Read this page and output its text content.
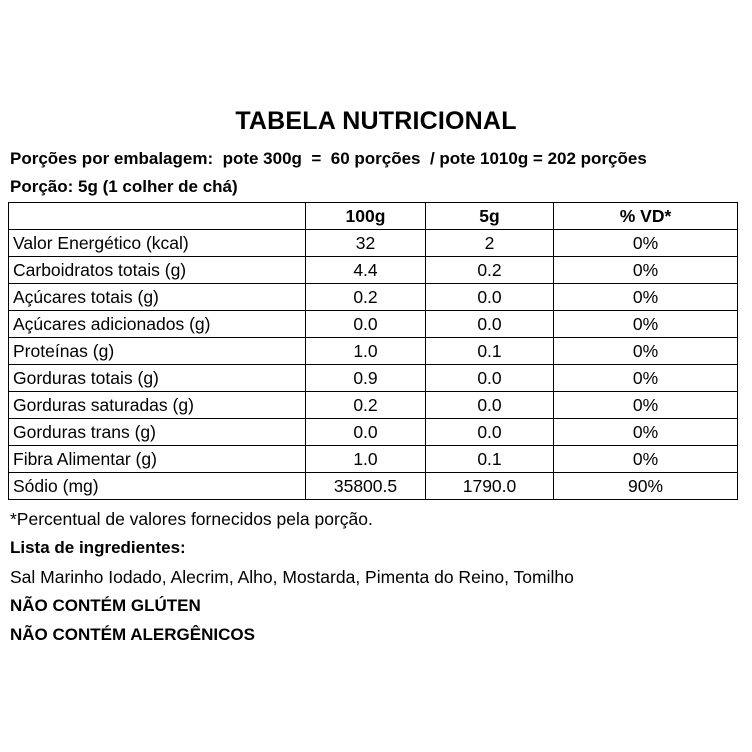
TABELA NUTRICIONAL

Porções por embalagem:  pote 300g  =  60 porções  / pote 1010g = 202 porções

Porção: 5g (1 colher de chá)

	100g	5g	% VD*
Valor Energético (kcal)	32	2	0%
Carboidratos totais (g)	4.4	0.2	0%
Açúcares totais (g)	0.2	0.0	0%
Açúcares adicionados (g)	0.0	0.0	0%
Proteínas (g)	1.0	0.1	0%
Gorduras totais (g)	0.9	0.0	0%
Gorduras saturadas (g)	0.2	0.0	0%
Gorduras trans (g)	0.0	0.0	0%
Fibra Alimentar (g)	1.0	0.1	0%
Sódio (mg)	35800.5	1790.0	90%

*Percentual de valores fornecidos pela porção.

Lista de ingredientes:

Sal Marinho Iodado, Alecrim, Alho, Mostarda, Pimenta do Reino, Tomilho

NÃO CONTÉM GLÚTEN

NÃO CONTÉM ALERGÊNICOS
